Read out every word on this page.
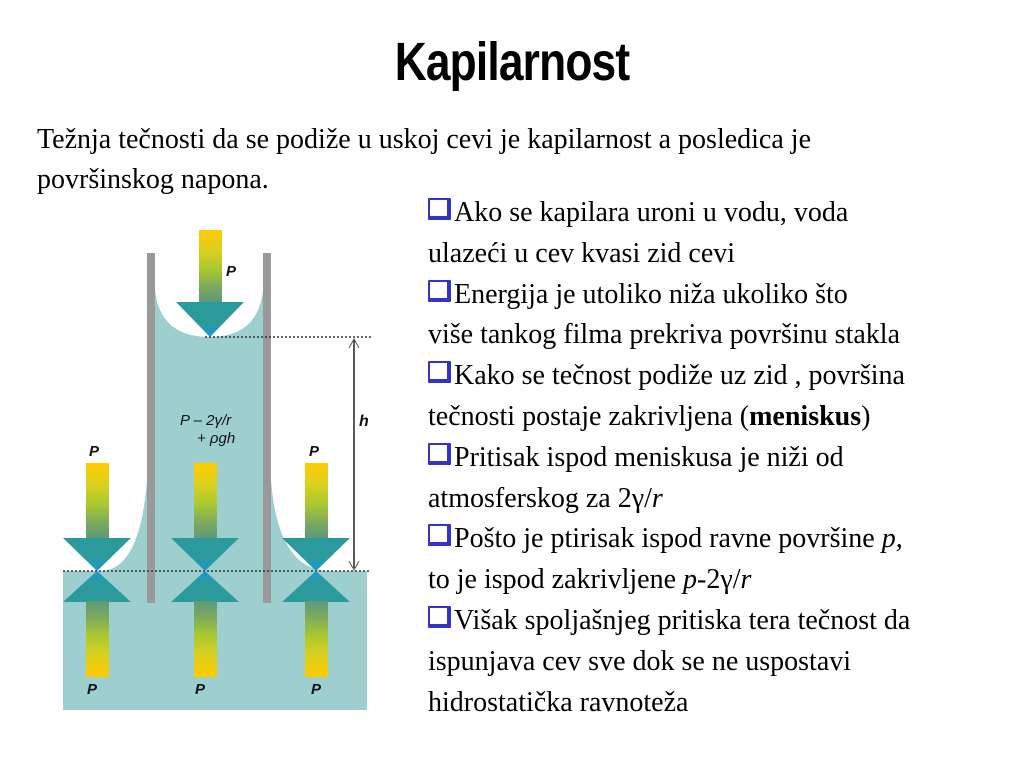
Kapilarnost
Težnja tečnosti da se podiže u uskoj cevi je kapilarnost a posledica je
površinskog napona.
Ako se kapilara uroni u vodu, voda
ulazeći u cev kvasi zid cevi
Energija je utoliko niža ukoliko što
više tankog filma prekriva površinu stakla
Kako se tečnost podiže uz zid , površina
tečnosti postaje zakrivljena (meniskus)
Pritisak ispod meniskusa je niži od
atmosferskog za 2γ/r
Pošto je ptirisak ispod ravne površine p,
to je ispod zakrivljene p-2γ/r
Višak spoljašnjeg pritiska tera tečnost da
ispunjava cev sve dok se ne uspostavi
hidrostatička ravnoteža
h
P
P – 2γ/r
+ ρgh
P	P
P	P	P
